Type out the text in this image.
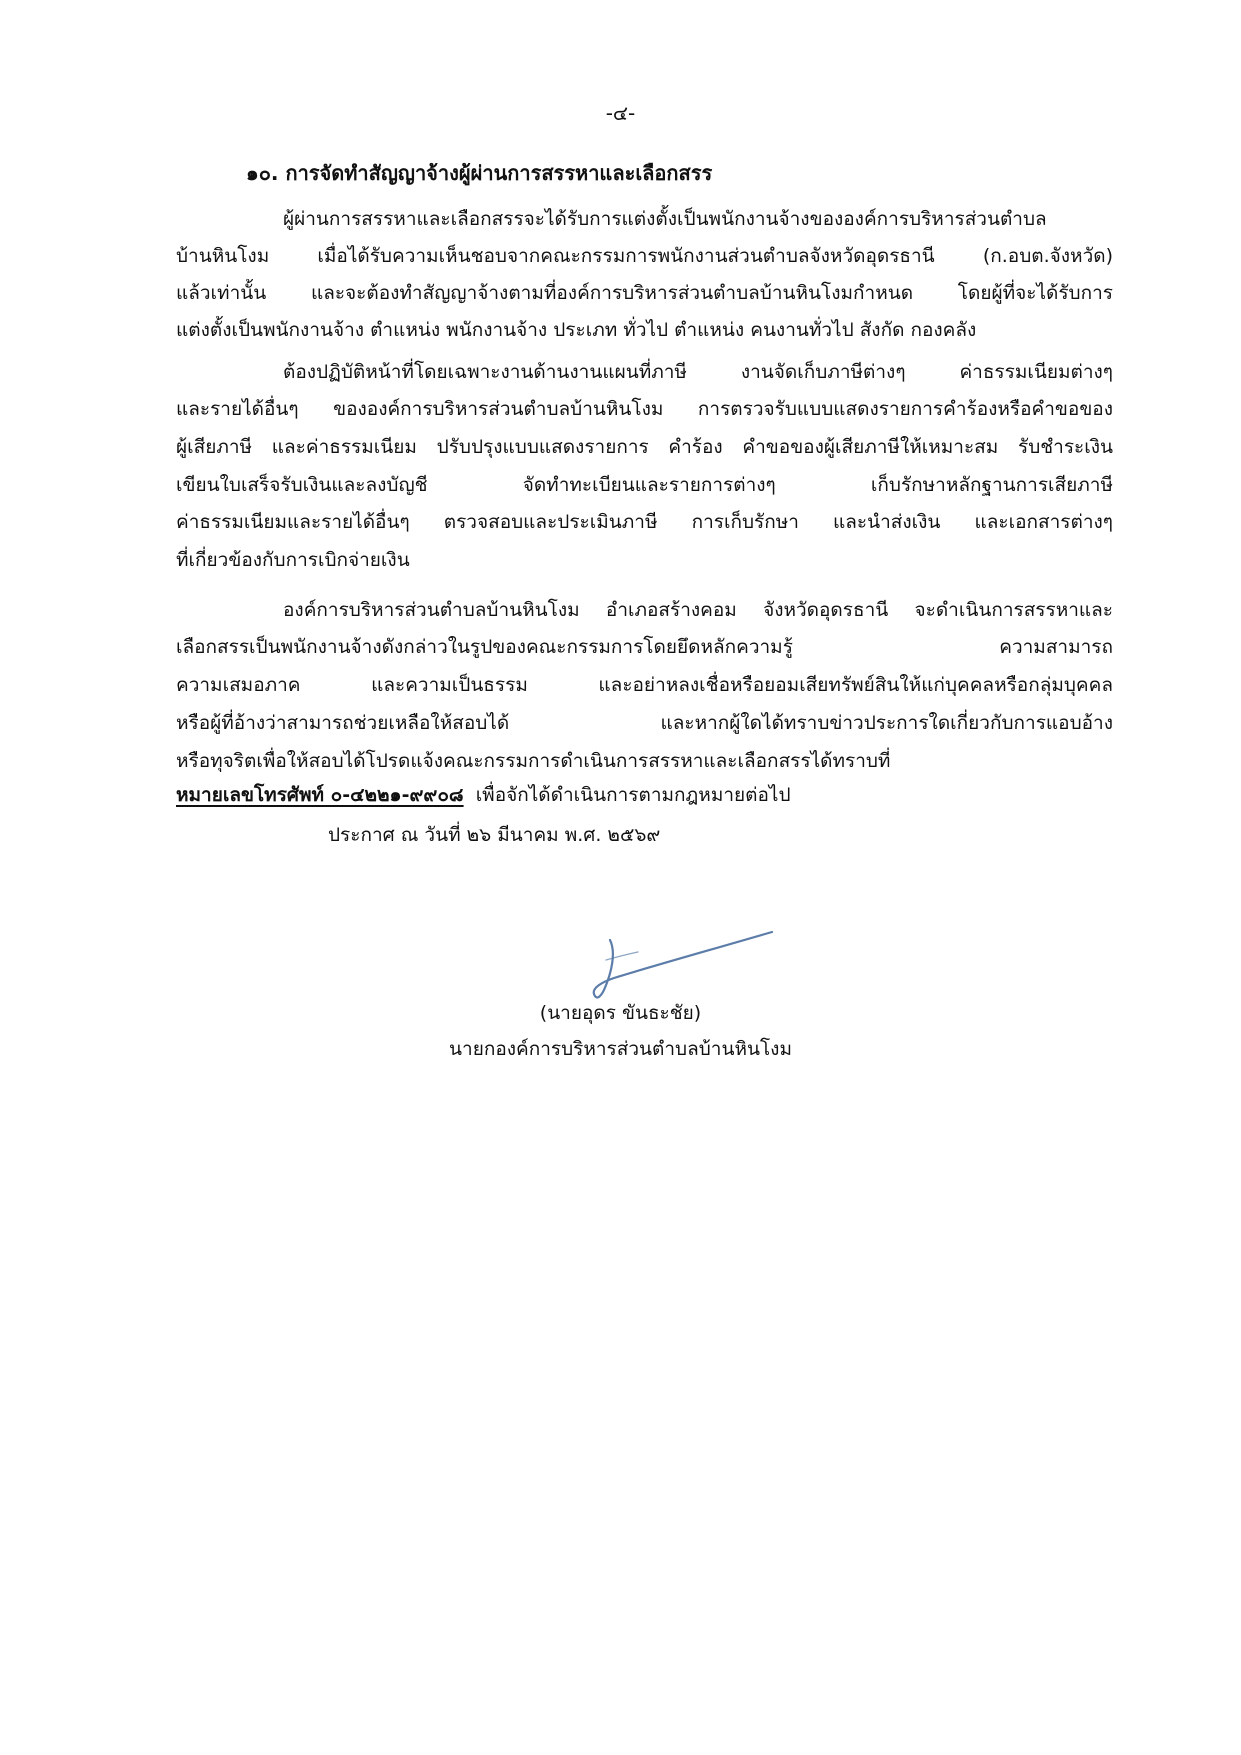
-๔-
๑๐. การจัดทำสัญญาจ้างผู้ผ่านการสรรหาและเลือกสรร
ผู้ผ่านการสรรหาและเลือกสรรจะได้รับการแต่งตั้งเป็นพนักงานจ้างขององค์การบริหารส่วนตำบล
บ้านหินโงม เมื่อได้รับความเห็นชอบจากคณะกรรมการพนักงานส่วนตำบลจังหวัดอุดรธานี (ก.อบต.จังหวัด)
แล้วเท่านั้น และจะต้องทำสัญญาจ้างตามที่องค์การบริหารส่วนตำบลบ้านหินโงมกำหนด โดยผู้ที่จะได้รับการ
แต่งตั้งเป็นพนักงานจ้าง ตำแหน่ง พนักงานจ้าง ประเภท ทั่วไป ตำแหน่ง คนงานทั่วไป สังกัด กองคลัง
ต้องปฏิบัติหน้าที่โดยเฉพาะงานด้านงานแผนที่ภาษี งานจัดเก็บภาษีต่างๆ ค่าธรรมเนียมต่างๆ
และรายได้อื่นๆ ขององค์การบริหารส่วนตำบลบ้านหินโงม การตรวจรับแบบแสดงรายการคำร้องหรือคำขอของ
ผู้เสียภาษี และค่าธรรมเนียม ปรับปรุงแบบแสดงรายการ คำร้อง คำขอของผู้เสียภาษีให้เหมาะสม รับชำระเงิน
เขียนใบเสร็จรับเงินและลงบัญชี จัดทำทะเบียนและรายการต่างๆ เก็บรักษาหลักฐานการเสียภาษี
ค่าธรรมเนียมและรายได้อื่นๆ ตรวจสอบและประเมินภาษี การเก็บรักษา และนำส่งเงิน และเอกสารต่างๆ
ที่เกี่ยวข้องกับการเบิกจ่ายเงิน
องค์การบริหารส่วนตำบลบ้านหินโงม อำเภอสร้างคอม จังหวัดอุดรธานี จะดำเนินการสรรหาและ
เลือกสรรเป็นพนักงานจ้างดังกล่าวในรูปของคณะกรรมการโดยยึดหลักความรู้ ความสามารถ
ความเสมอภาค และความเป็นธรรม และอย่าหลงเชื่อหรือยอมเสียทรัพย์สินให้แก่บุคคลหรือกลุ่มบุคคล
หรือผู้ที่อ้างว่าสามารถช่วยเหลือให้สอบได้ และหากผู้ใดได้ทราบข่าวประการใดเกี่ยวกับการแอบอ้าง
หรือทุจริตเพื่อให้สอบได้โปรดแจ้งคณะกรรมการดำเนินการสรรหาและเลือกสรรได้ทราบที่
หมายเลขโทรศัพท์ ๐-๔๒๒๑-๙๙๐๘ เพื่อจักได้ดำเนินการตามกฎหมายต่อไป
ประกาศ ณ วันที่ ๒๖ มีนาคม พ.ศ. ๒๕๖๙
(นายอุดร ขันธะชัย)
นายกองค์การบริหารส่วนตำบลบ้านหินโงม
